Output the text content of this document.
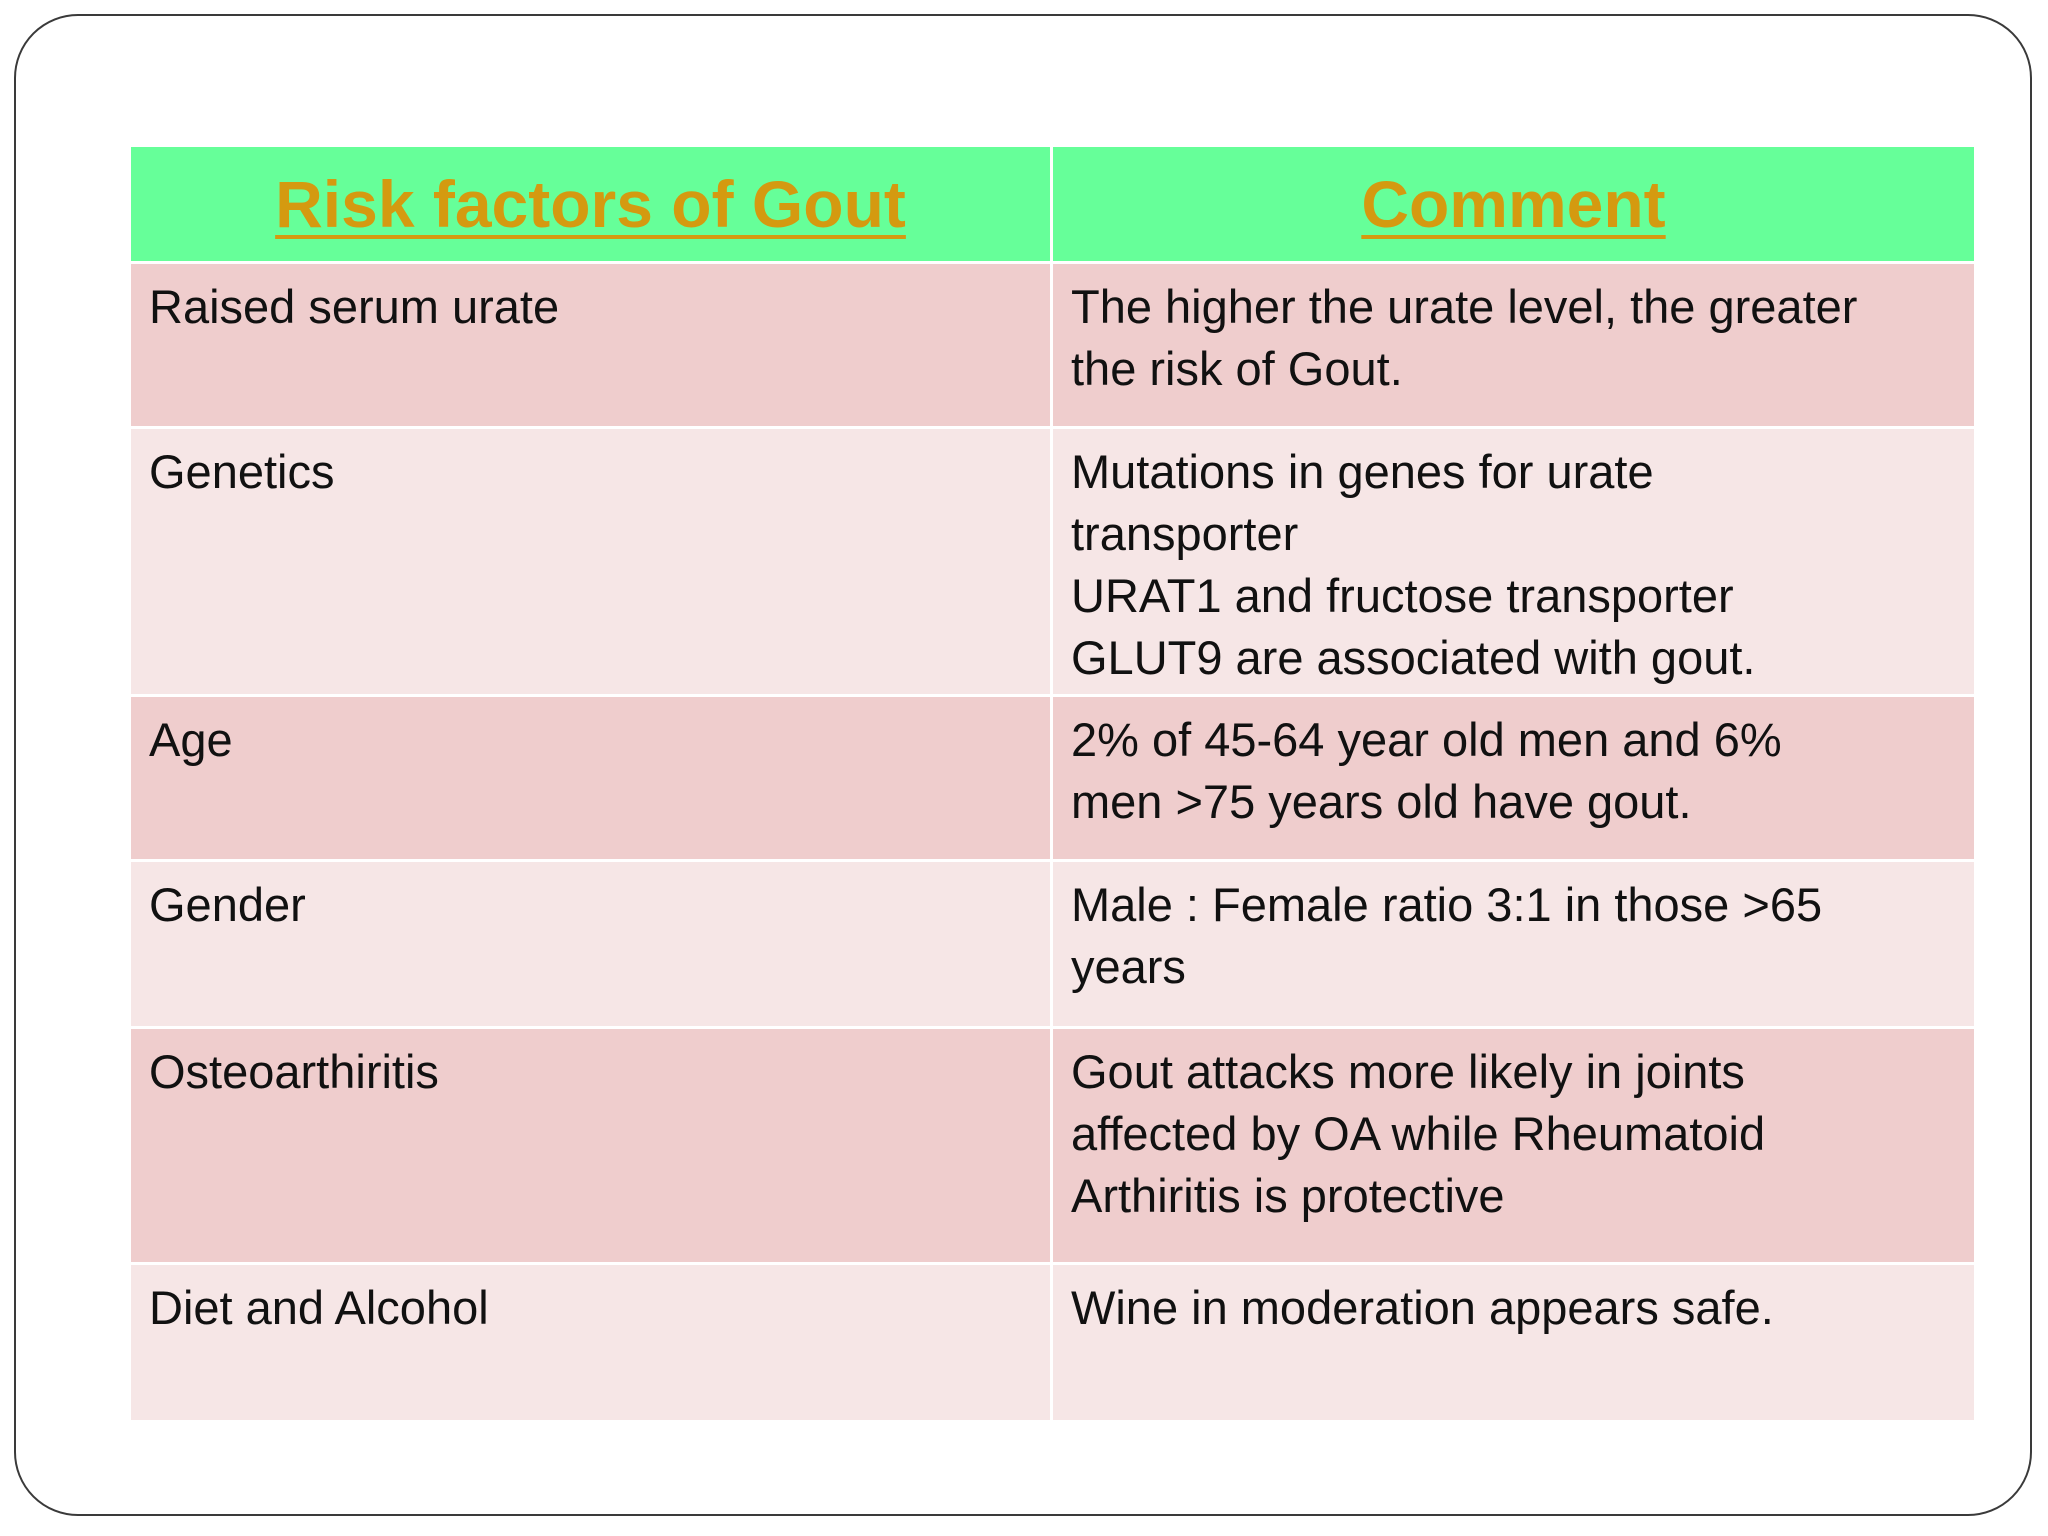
Risk factors of Gout	Comment
Raised serum urate	The higher the urate level, the greater
the risk of Gout.
Genetics	Mutations in genes for urate
transporter
URAT1 and fructose transporter
GLUT9 are associated with gout.
Age	2% of 45-64 year old men and 6%
men >75 years old have gout.
Gender	Male : Female ratio 3:1 in those >65
years
Osteoarthiritis	Gout attacks more likely in joints
affected by OA while Rheumatoid
Arthiritis is protective
Diet and Alcohol	Wine in moderation appears safe.
